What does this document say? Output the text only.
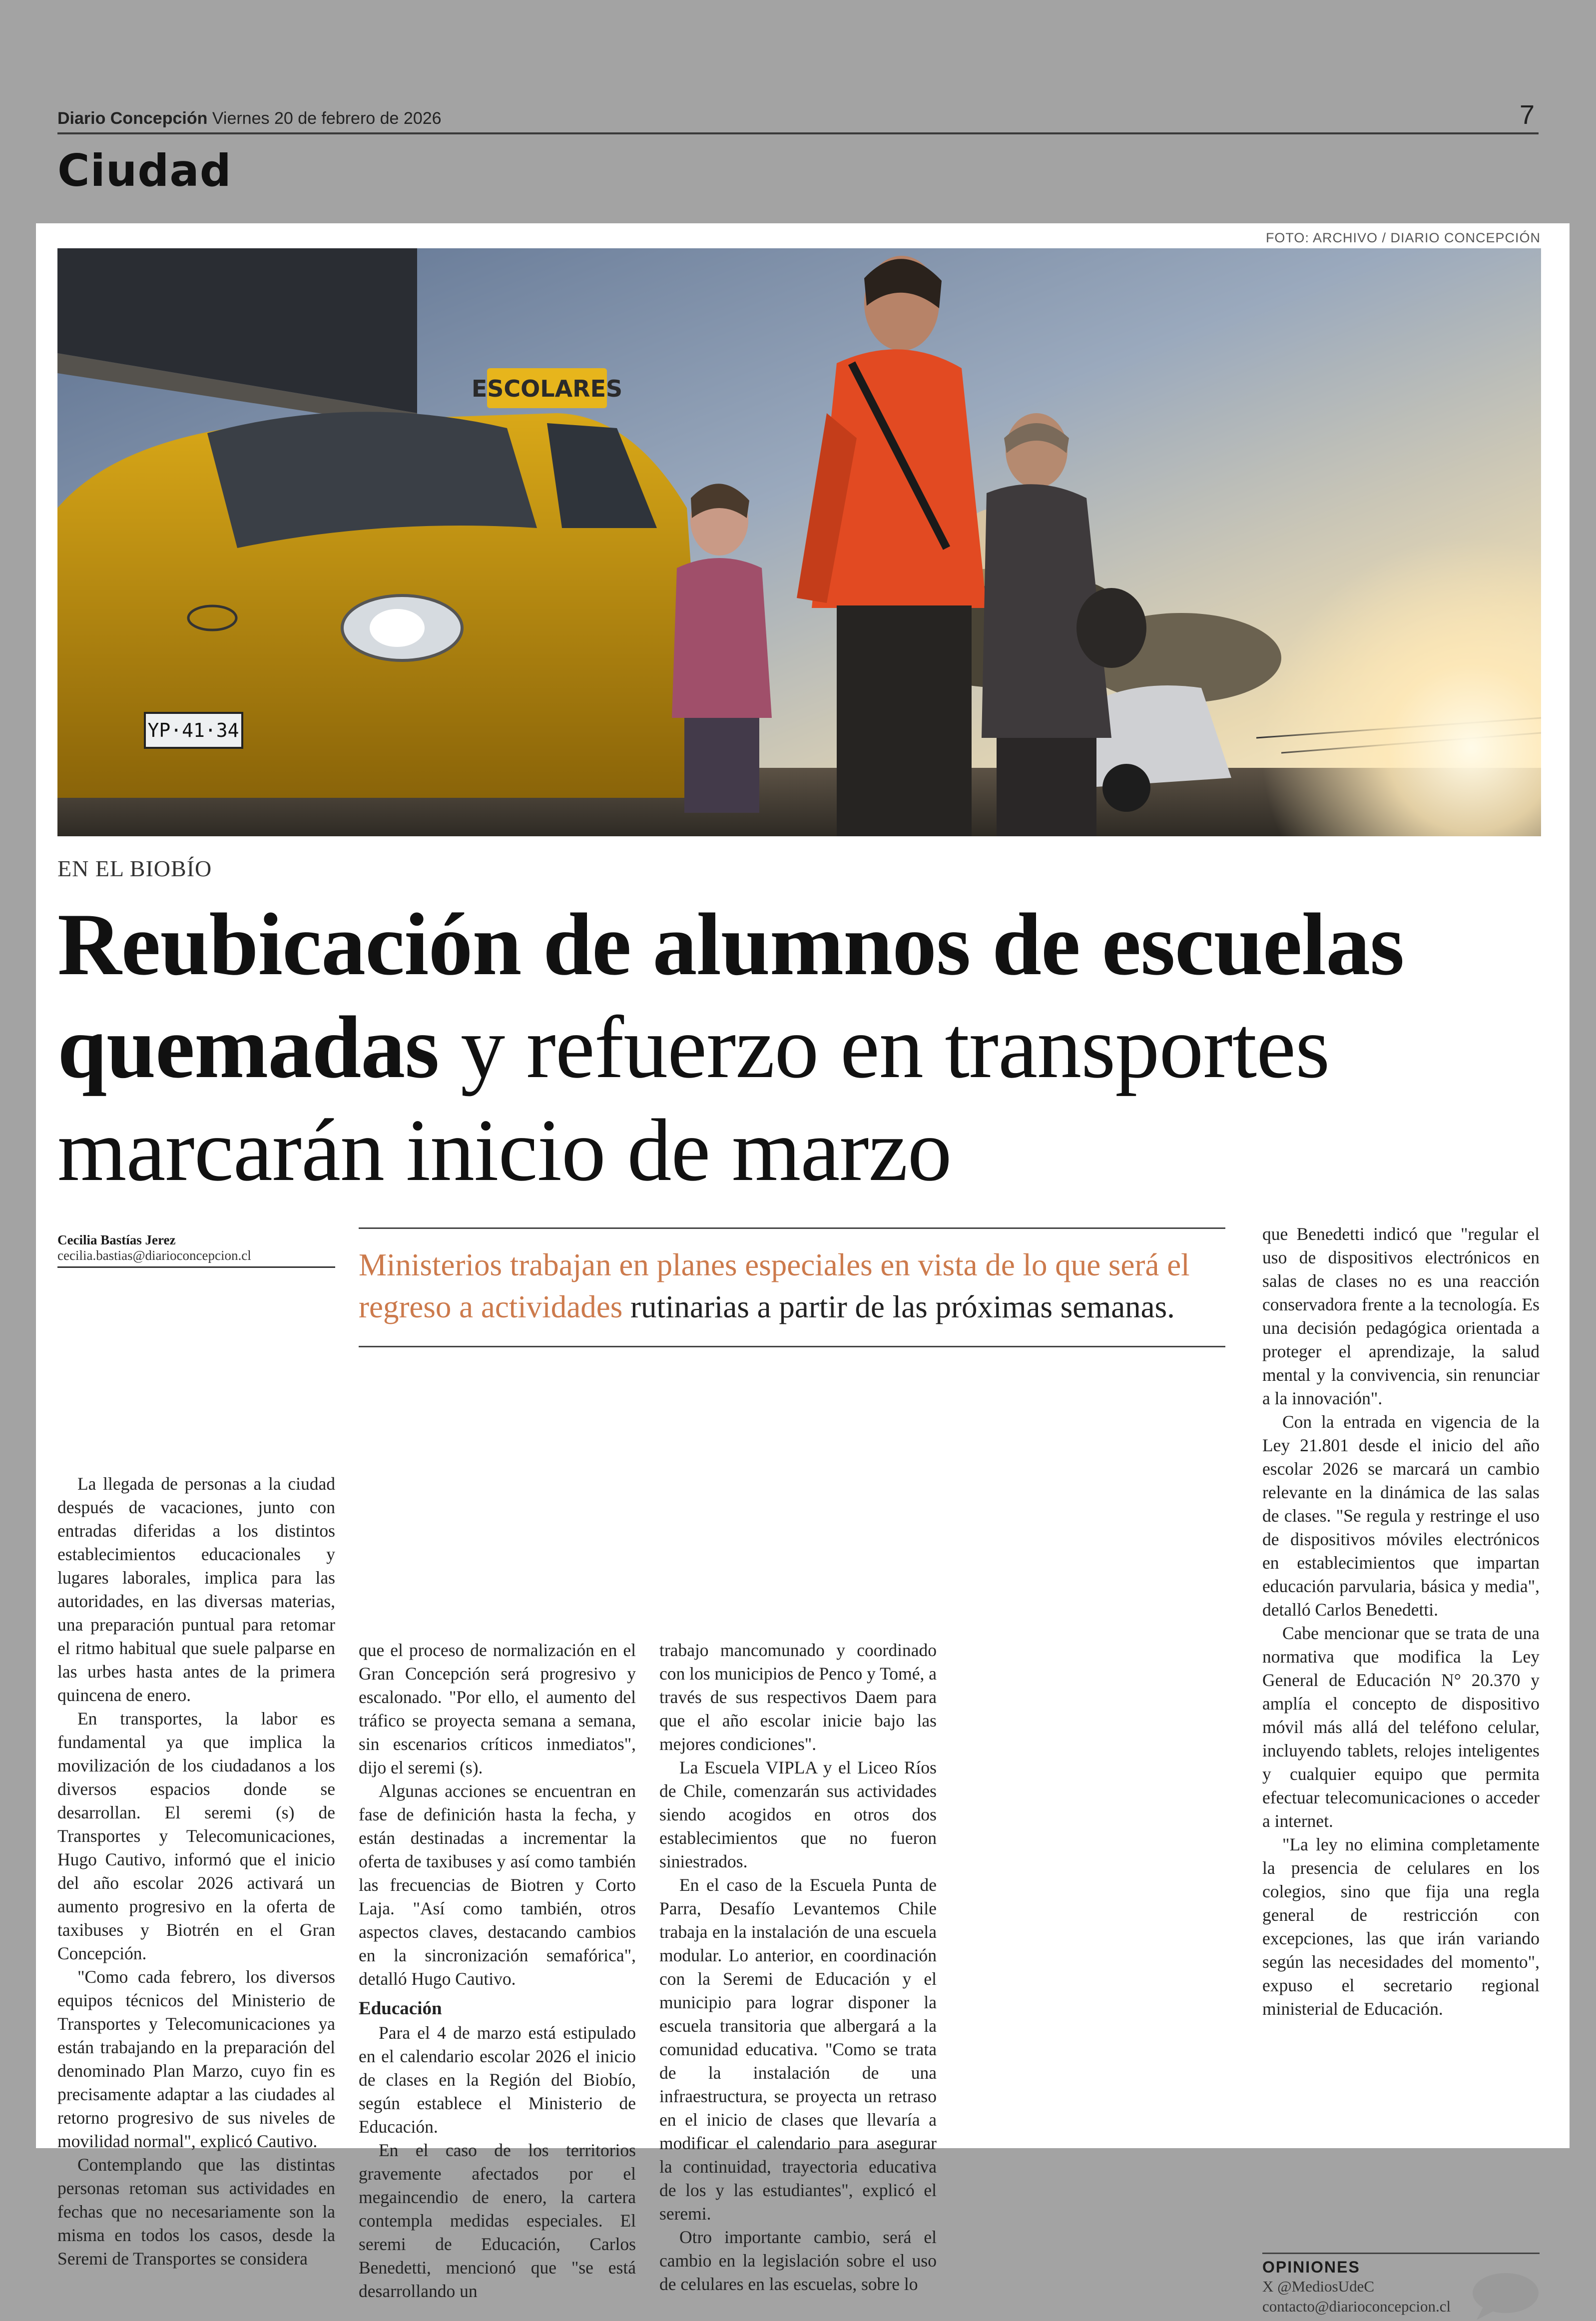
Diario Concepción Viernes 20 de febrero de 2026	7
Ciudad
FOTO: ARCHIVO / DIARIO CONCEPCIÓN
EN EL BIOBÍO
Reubicación de alumnos de escuelas quemadas y refuerzo en transportes marcarán inicio de marzo
Cecilia Bastías Jerez
cecilia.bastias@diarioconcepcion.cl

La llegada de personas a la ciudad después de vacaciones, junto con entradas diferidas a los distintos establecimientos educacionales y lugares laborales, implica para las autoridades, en las diversas materias, una preparación puntual para retomar el ritmo habitual que suele palparse en las urbes hasta antes de la primera quincena de enero.

En transportes, la labor es fundamental ya que implica la movilización de los ciudadanos a los diversos espacios donde se desarrollan. El seremi (s) de Transportes y Telecomunicaciones, Hugo Cautivo, informó que el inicio del año escolar 2026 activará un aumento progresivo en la oferta de taxibuses y Biotrén en el Gran Concepción.

"Como cada febrero, los diversos equipos técnicos del Ministerio de Transportes y Telecomunicaciones ya están trabajando en la preparación del denominado Plan Marzo, cuyo fin es precisamente adaptar a las ciudades al retorno progresivo de sus niveles de movilidad normal", explicó Cautivo.

Contemplando que las distintas personas retoman sus actividades en fechas que no necesariamente son la misma en todos los casos, desde la Seremi de Transportes se considera

Ministerios trabajan en planes especiales en vista de lo que será el regreso a actividades rutinarias a partir de las próximas semanas.

que el proceso de normalización en el Gran Concepción será progresivo y escalonado. "Por ello, el aumento del tráfico se proyecta semana a semana, sin escenarios críticos inmediatos", dijo el seremi (s).

Algunas acciones se encuentran en fase de definición hasta la fecha, y están destinadas a incrementar la oferta de taxibuses y así como también las frecuencias de Biotren y Corto Laja. "Así como también, otros aspectos claves, destacando cambios en la sincronización semafórica", detalló Hugo Cautivo.

Educación

Para el 4 de marzo está estipulado en el calendario escolar 2026 el inicio de clases en la Región del Biobío, según establece el Ministerio de Educación.

En el caso de los territorios gravemente afectados por el megaincendio de enero, la cartera contempla medidas especiales. El seremi de Educación, Carlos Benedetti, mencionó que "se está desarrollando un

trabajo mancomunado y coordinado con los municipios de Penco y Tomé, a través de sus respectivos Daem para que el año escolar inicie bajo las mejores condiciones".

La Escuela VIPLA y el Liceo Ríos de Chile, comenzarán sus actividades siendo acogidos en otros dos establecimientos que no fueron siniestrados.

En el caso de la Escuela Punta de Parra, Desafío Levantemos Chile trabaja en la instalación de una escuela modular. Lo anterior, en coordinación con la Seremi de Educación y el municipio para lograr disponer la escuela transitoria que albergará a la comunidad educativa. "Como se trata de la instalación de una infraestructura, se proyecta un retraso en el inicio de clases que llevaría a modificar el calendario para asegurar la continuidad, trayectoria educativa de los y las estudiantes", explicó el seremi.

Otro importante cambio, será el cambio en la legislación sobre el uso de celulares en las escuelas, sobre lo

que Benedetti indicó que "regular el uso de dispositivos electrónicos en salas de clases no es una reacción conservadora frente a la tecnología. Es una decisión pedagógica orientada a proteger el aprendizaje, la salud mental y la convivencia, sin renunciar a la innovación".

Con la entrada en vigencia de la Ley 21.801 desde el inicio del año escolar 2026 se marcará un cambio relevante en la dinámica de las salas de clases. "Se regula y restringe el uso de dispositivos móviles electrónicos en establecimientos que impartan educación parvularia, básica y media", detalló Carlos Benedetti.

Cabe mencionar que se trata de una normativa que modifica la Ley General de Educación N° 20.370 y amplía el concepto de dispositivo móvil más allá del teléfono celular, incluyendo tablets, relojes inteligentes y cualquier equipo que permita efectuar telecomunicaciones o acceder a internet.

"La ley no elimina completamente la presencia de celulares en los colegios, sino que fija una regla general de restricción con excepciones, las que irán variando según las necesidades del momento", expuso el secretario regional ministerial de Educación.

OPINIONES
X @MediosUdeC
contacto@diarioconcepcion.cl
